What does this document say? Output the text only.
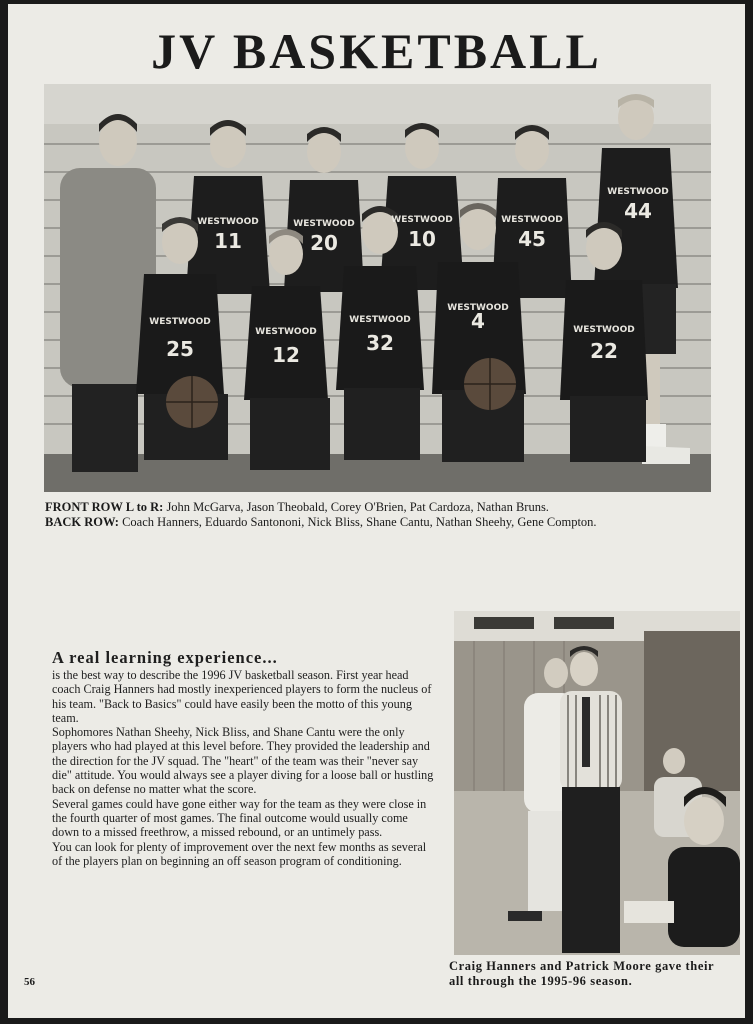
JV BASKETBALL
WESTWOOD	WESTWOOD	WESTWOOD	WESTWOOD
WESTWOOD
WESTWOOD
WESTWOOD
WESTWOOD
WESTWOOD
WESTWOOD
11	20	10	45
44
25	12	32
4
22
FRONT ROW L to R: John McGarva, Jason Theobald, Corey O'Brien, Pat Cardoza, Nathan Bruns.
BACK ROW: Coach Hanners, Eduardo Santononi, Nick Bliss, Shane Cantu, Nathan Sheehy, Gene Compton.
A real learning experience...

is the best way to describe the 1996 JV basketball season. First year head coach Craig Hanners had mostly inexperienced players to form the nucleus of his team. "Back to Basics" could have easily been the motto of this young team.

Sophomores Nathan Sheehy, Nick Bliss, and Shane Cantu were the only players who had played at this level before. They provided the leadership and the direction for the JV squad. The "heart" of the team was their "never say die" attitude. You would always see a player diving for a loose ball or hustling back on defense no matter what the score.

Several games could have gone either way for the team as they were close in the fourth quarter of most games. The final outcome would usually come down to a missed freethrow, a missed rebound, or an untimely pass.

You can look for plenty of improvement over the next few months as several of the players plan on beginning an off season program of conditioning.

Craig Hanners and Patrick Moore gave their
all through the 1995-96 season.
56
